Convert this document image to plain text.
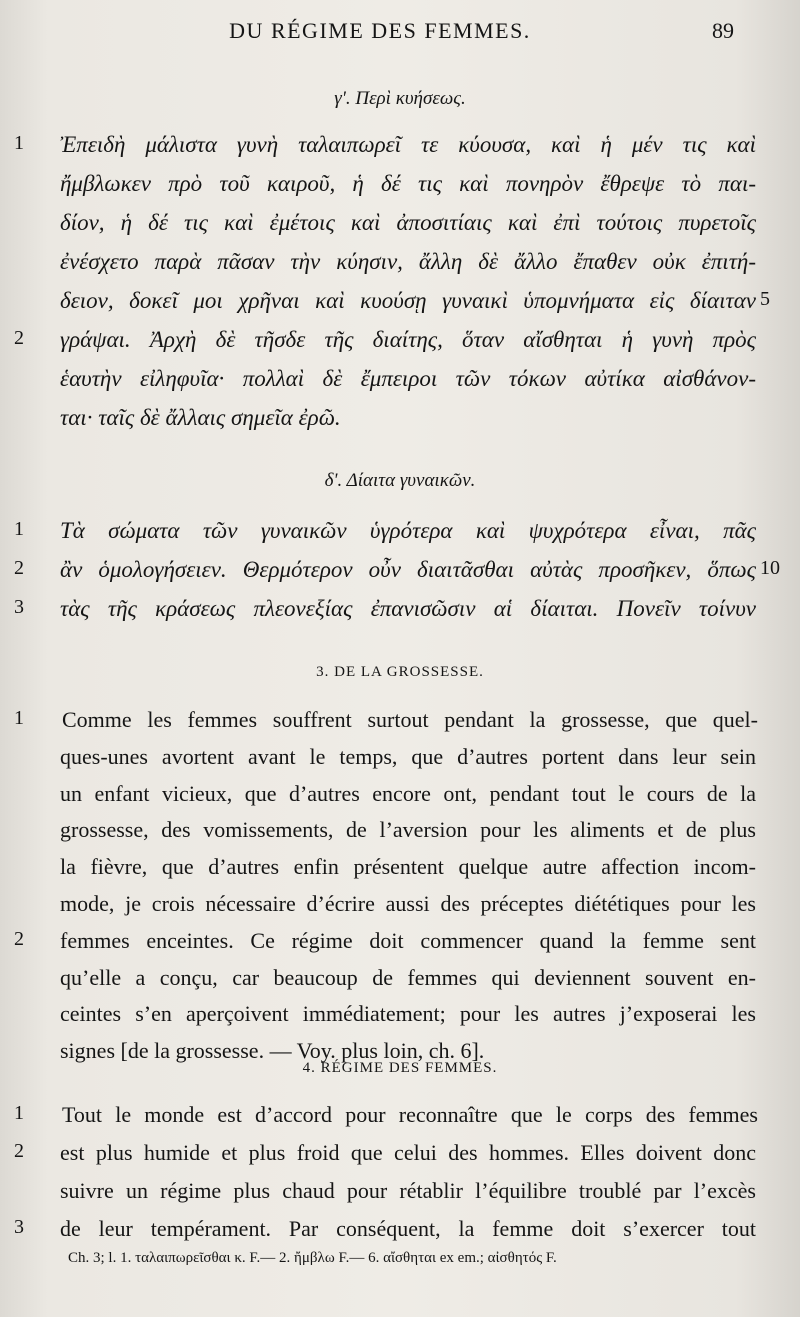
DU RÉGIME DES FEMMES.	89
γ'. Περὶ κυήσεως.
1 Ἐπειδὴ μάλιστα γυνὴ ταλαιπωρεῖ τε κύουσα, καὶ ἡ μέν τις καὶ
ἤμβλωκεν πρὸ τοῦ καιροῦ, ἡ δέ τις καὶ πονηρὸν ἔθρεψε τὸ παι-
δίον, ἡ δέ τις καὶ ἐμέτοις καὶ ἀποσιτίαις καὶ ἐπὶ τούτοις πυρετοῖς
ἐνέσχετο παρὰ πᾶσαν τὴν κύησιν, ἄλλη δὲ ἄλλο ἔπαθεν οὐκ ἐπιτή-
δειον, δοκεῖ μοι χρῆναι καὶ κυούσῃ γυναικὶ ὑπομνήματα εἰς δίαιταν 5
2 γράψαι. Ἀρχὴ δὲ τῆσδε τῆς διαίτης, ὅταν αἴσθηται ἡ γυνὴ πρὸς
ἑαυτὴν εἰληφυῖα· πολλαὶ δὲ ἔμπειροι τῶν τόκων αὐτίκα αἰσθάνον-
ται· ταῖς δὲ ἄλλαις σημεῖα ἐρῶ.
δ'. Δίαιτα γυναικῶν.
1 Τὰ σώματα τῶν γυναικῶν ὑγρότερα καὶ ψυχρότερα εἶναι, πᾶς
2 ἂν ὁμολογήσειεν. Θερμότερον οὖν διαιτᾶσθαι αὐτὰς προσῆκεν, ὅπως 10
3 τὰς τῆς κράσεως πλεονεξίας ἐπανισῶσιν αἱ δίαιται. Πονεῖν τοίνυν
3. DE LA GROSSESSE.
1 Comme les femmes souffrent surtout pendant la grossesse, que quel-
ques-unes avortent avant le temps, que d’autres portent dans leur sein
un enfant vicieux, que d’autres encore ont, pendant tout le cours de la
grossesse, des vomissements, de l’aversion pour les aliments et de plus
la fièvre, que d’autres enfin présentent quelque autre affection incom-
mode, je crois nécessaire d’écrire aussi des préceptes diététiques pour les
2 femmes enceintes. Ce régime doit commencer quand la femme sent
qu’elle a conçu, car beaucoup de femmes qui deviennent souvent en-
ceintes s’en aperçoivent immédiatement; pour les autres j’exposerai les
signes [de la grossesse. — Voy. plus loin, ch. 6].
4. RÉGIME DES FEMMES.
1 Tout le monde est d’accord pour reconnaître que le corps des femmes
2 est plus humide et plus froid que celui des hommes. Elles doivent donc
suivre un régime plus chaud pour rétablir l’équilibre troublé par l’excès
3 de leur tempérament. Par conséquent, la femme doit s’exercer tout
Ch. 3; l. 1. ταλαιπωρεῖσθαι κ. F.— 2. ἤμβλω F.— 6. αἴσθηται ex em.; αἰσθητός F.
